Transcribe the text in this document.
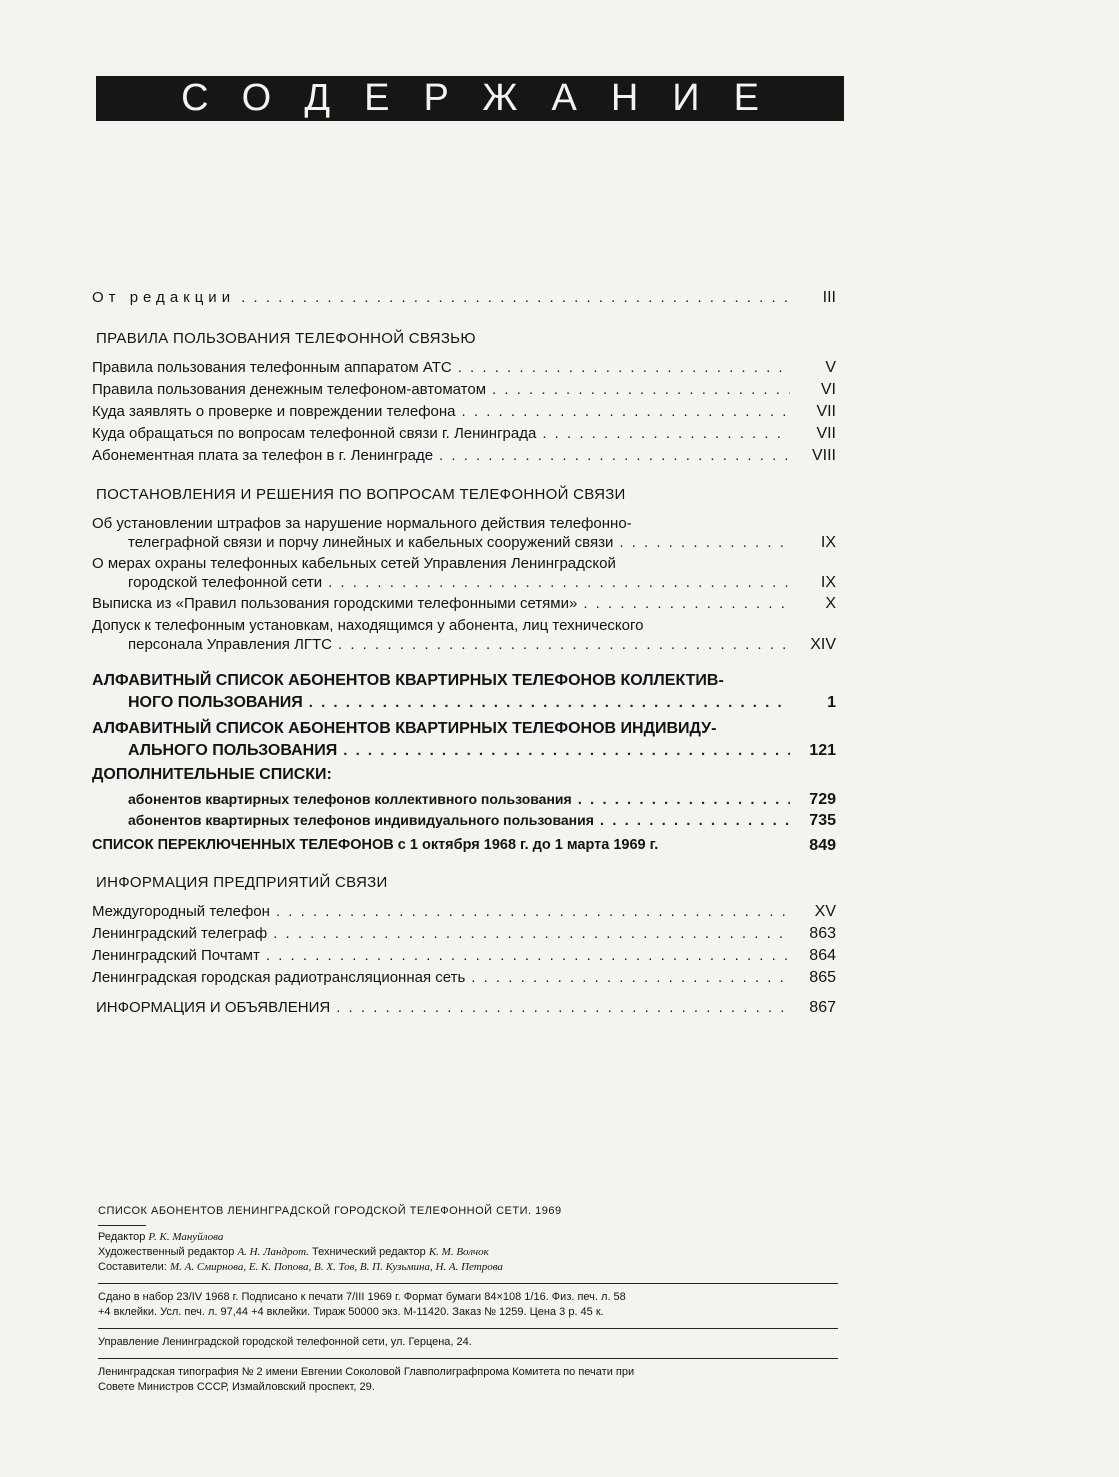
СОДЕРЖАНИЕ
От редакции . . .	III
ПРАВИЛА ПОЛЬЗОВАНИЯ ТЕЛЕФОННОЙ СВЯЗЬЮ
Правила пользования телефонным аппаратом АТС . . .	V
Правила пользования денежным телефоном-автоматом . . .	VI
Куда заявлять о проверке и повреждении телефона . . .	VII
Куда обращаться по вопросам телефонной связи г. Ленинграда . . .	VII
Абонементная плата за телефон в г. Ленинграде . . .	VIII
ПОСТАНОВЛЕНИЯ И РЕШЕНИЯ ПО ВОПРОСАМ ТЕЛЕФОННОЙ СВЯЗИ
Об установлении штрафов за нарушение нормального действия телефонно-
телеграфной связи и порчу линейных и кабельных сооружений связи . . .	IX
О мерах охраны телефонных кабельных сетей Управления Ленинградской
городской телефонной сети . . .	IX
Выписка из «Правил пользования городскими телефонными сетями» . . .	X
Допуск к телефонным установкам, находящимся у абонента, лиц технического
персонала Управления ЛГТС . . .	XIV
АЛФАВИТНЫЙ СПИСОК АБОНЕНТОВ КВАРТИРНЫХ ТЕЛЕФОНОВ КОЛЛЕКТИВ-
НОГО ПОЛЬЗОВАНИЯ . . .	1
АЛФАВИТНЫЙ СПИСОК АБОНЕНТОВ КВАРТИРНЫХ ТЕЛЕФОНОВ ИНДИВИДУ-
АЛЬНОГО ПОЛЬЗОВАНИЯ . . .	121
ДОПОЛНИТЕЛЬНЫЕ СПИСКИ:
абонентов квартирных телефонов коллективного пользования . . .	729
абонентов квартирных телефонов индивидуального пользования . . .	735
СПИСОК ПЕРЕКЛЮЧЕННЫХ ТЕЛЕФОНОВ с 1 октября 1968 г. до 1 марта 1969 г.	849
ИНФОРМАЦИЯ ПРЕДПРИЯТИЙ СВЯЗИ
Междугородный телефон . . .	XV
Ленинградский телеграф . . .	863
Ленинградский Почтамт . . .	864
Ленинградская городская радиотрансляционная сеть . . .	865
ИНФОРМАЦИЯ И ОБЪЯВЛЕНИЯ . . .	867
СПИСОК АБОНЕНТОВ ЛЕНИНГРАДСКОЙ ГОРОДСКОЙ ТЕЛЕФОННОЙ СЕТИ. 1969
Редактор Р. К. Мануйлова
Художественный редактор А. Н. Ландрот. Технический редактор К. М. Волчок
Составители: М. А. Смирнова, Е. К. Попова, В. Х. Тов, В. П. Кузьмина, Н. А. Петрова
Сдано в набор 23/IV 1968 г. Подписано к печати 7/III 1969 г. Формат бумаги 84×108 1/16. Физ. печ. л. 58
+4 вклейки. Усл. печ. л. 97,44 +4 вклейки. Тираж 50000 экз. М-11420. Заказ № 1259. Цена 3 р. 45 к.
Управление Ленинградской городской телефонной сети, ул. Герцена, 24.
Ленинградская типография № 2 имени Евгении Соколовой Главполиграфпрома Комитета по печати при
Совете Министров СССР, Измайловский проспект, 29.
